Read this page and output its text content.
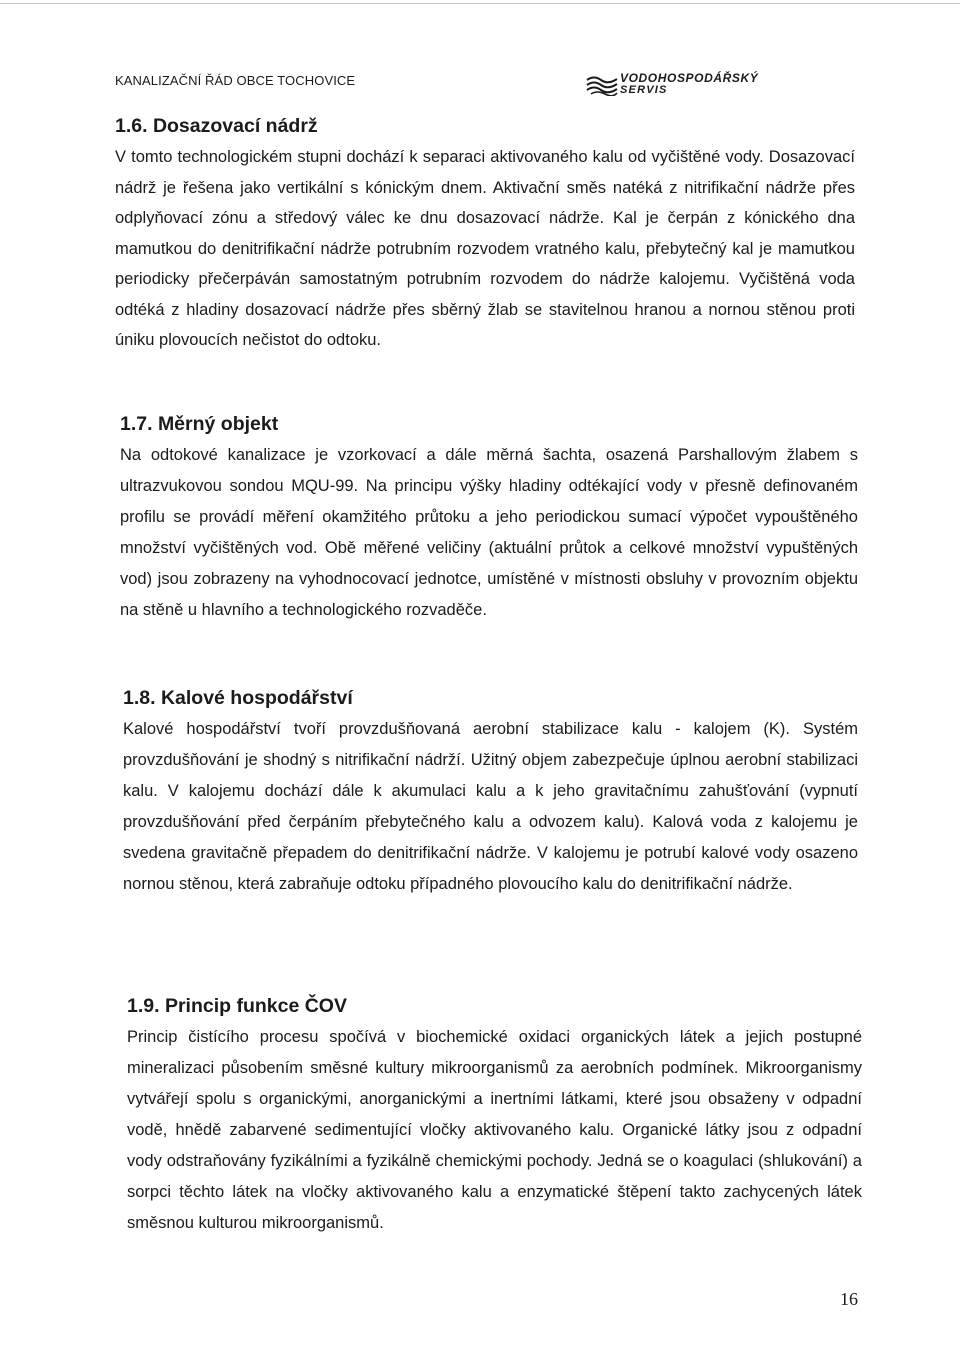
KANALIZAČNÍ ŘÁD OBCE TOCHOVICE	VODOHOSPODÁŘSKÝ
SERVIS
1.6. Dosazovací nádrž

V tomto technologickém stupni dochází k separaci aktivovaného kalu od vyčištěné vody. Dosazovací nádrž je řešena jako vertikální s kónickým dnem. Aktivační směs natéká z nitrifikační nádrže přes odplyňovací zónu a středový válec ke dnu dosazovací nádrže. Kal je čerpán z kónického dna mamutkou do denitrifikační nádrže potrubním rozvodem vratného kalu, přebytečný kal je mamutkou periodicky přečerpáván samostatným potrubním rozvodem do nádrže kalojemu. Vyčištěná voda odtéká z hladiny dosazovací nádrže přes sběrný žlab se stavitelnou hranou a nornou stěnou proti úniku plovoucích nečistot do odtoku.

1.7. Měrný objekt

Na odtokové kanalizace je vzorkovací a dále měrná šachta, osazená Parshallovým žlabem s ultrazvukovou sondou MQU-99. Na principu výšky hladiny odtékající vody v přesně definovaném profilu se provádí měření okamžitého průtoku a jeho periodickou sumací výpočet vypouštěného množství vyčištěných vod. Obě měřené veličiny (aktuální průtok a celkové množství vypuštěných vod) jsou zobrazeny na vyhodnocovací jednotce, umístěné v místnosti obsluhy v provozním objektu na stěně u hlavního a technologického rozvaděče.

1.8. Kalové hospodářství

Kalové hospodářství tvoří provzdušňovaná aerobní stabilizace kalu - kalojem (K). Systém provzdušňování je shodný s nitrifikační nádrží. Užitný objem zabezpečuje úplnou aerobní stabilizaci kalu. V kalojemu dochází dále k akumulaci kalu a k jeho gravitačnímu zahušťování (vypnutí provzdušňování před čerpáním přebytečného kalu a odvozem kalu). Kalová voda z kalojemu je svedena gravitačně přepadem do denitrifikační nádrže. V kalojemu je potrubí kalové vody osazeno nornou stěnou, která zabraňuje odtoku případného plovoucího kalu do denitrifikační nádrže.

1.9. Princip funkce ČOV

Princip čistícího procesu spočívá v biochemické oxidaci organických látek a jejich postupné mineralizaci působením směsné kultury mikroorganismů za aerobních podmínek. Mikroorganismy vytvářejí spolu s organickými, anorganickými a inertními látkami, které jsou obsaženy v odpadní vodě, hnědě zabarvené sedimentující vločky aktivovaného kalu. Organické látky jsou z odpadní vody odstraňovány fyzikálními a fyzikálně chemickými pochody. Jedná se o koagulaci (shlukování) a sorpci těchto látek na vločky aktivovaného kalu a enzymatické štěpení takto zachycených látek směsnou kulturou mikroorganismů.

16
